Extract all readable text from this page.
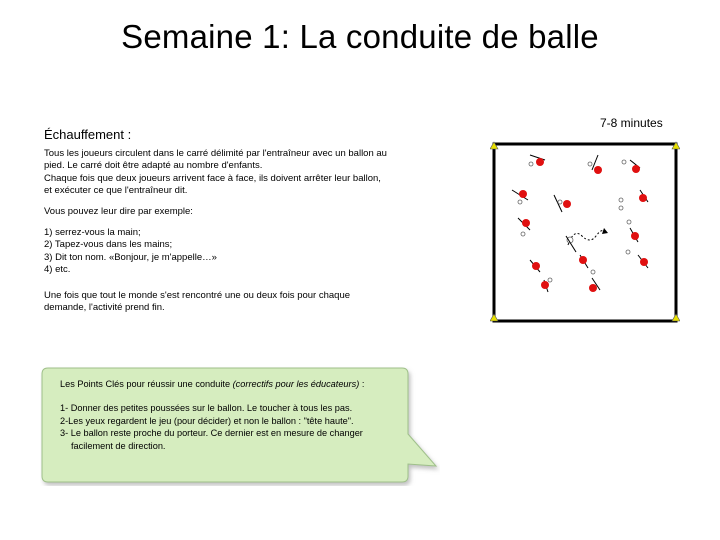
Semaine 1: La conduite de balle
7-8 minutes
Échauffement :

Tous les joueurs circulent dans le carré délimité par l'entraîneur avec un ballon au

pied. Le carré doit être adapté au nombre d'enfants.

Chaque fois que deux joueurs arrivent face à face, ils doivent arrêter leur ballon,

et exécuter ce que l'entraîneur dit.

Vous pouvez leur dire par exemple:

1) serrez-vous la main;

2) Tapez-vous dans les mains;

3) Dit ton nom. «Bonjour, je m'appelle…»

4) etc.

Une fois que tout le monde s'est rencontré une ou deux fois pour chaque

demande, l'activité prend fin.

Les Points Clés pour réussir une conduite (correctifs pour les éducateurs) :

1- Donner des petites poussées sur le ballon. Le toucher à tous les pas.

2-Les yeux regardent le jeu (pour décider) et non le ballon : "tête haute".

3- Le ballon reste proche du porteur. Ce dernier est en mesure de changer

facilement de direction.
